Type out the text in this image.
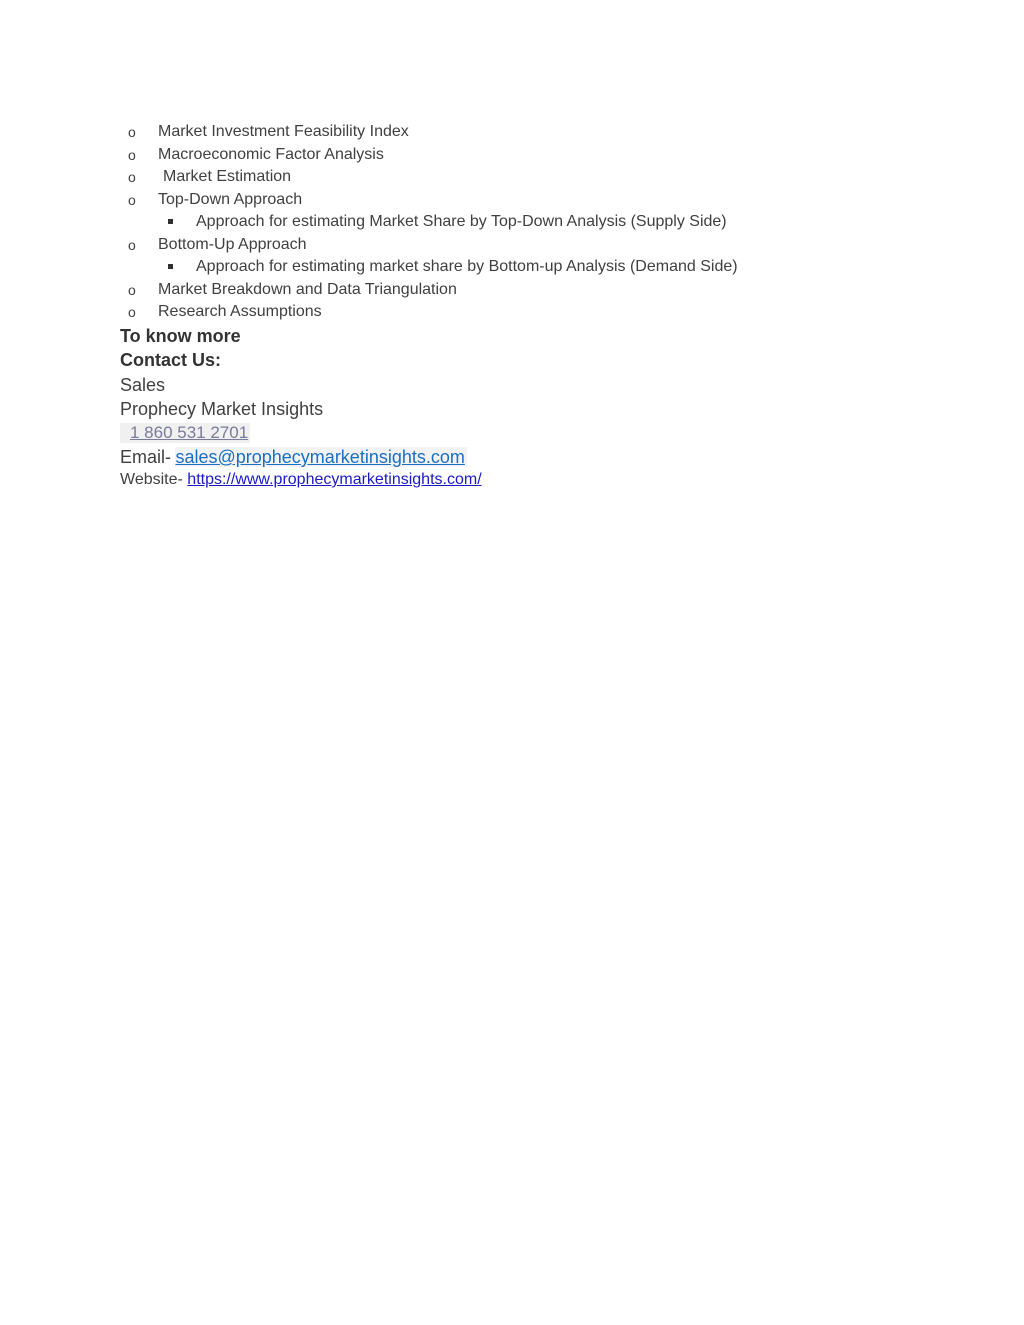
o Market Investment Feasibility Index
o Macroeconomic Factor Analysis
o Market Estimation
o Top-Down Approach
Approach for estimating Market Share by Top-Down Analysis (Supply Side)
o Bottom-Up Approach
Approach for estimating market share by Bottom-up Analysis (Demand Side)
o Market Breakdown and Data Triangulation
o Research Assumptions
To know more
Contact Us:
Sales
Prophecy Market Insights
1 860 531 2701
Email- sales@prophecymarketinsights.com
Website- https://www.prophecymarketinsights.com/
